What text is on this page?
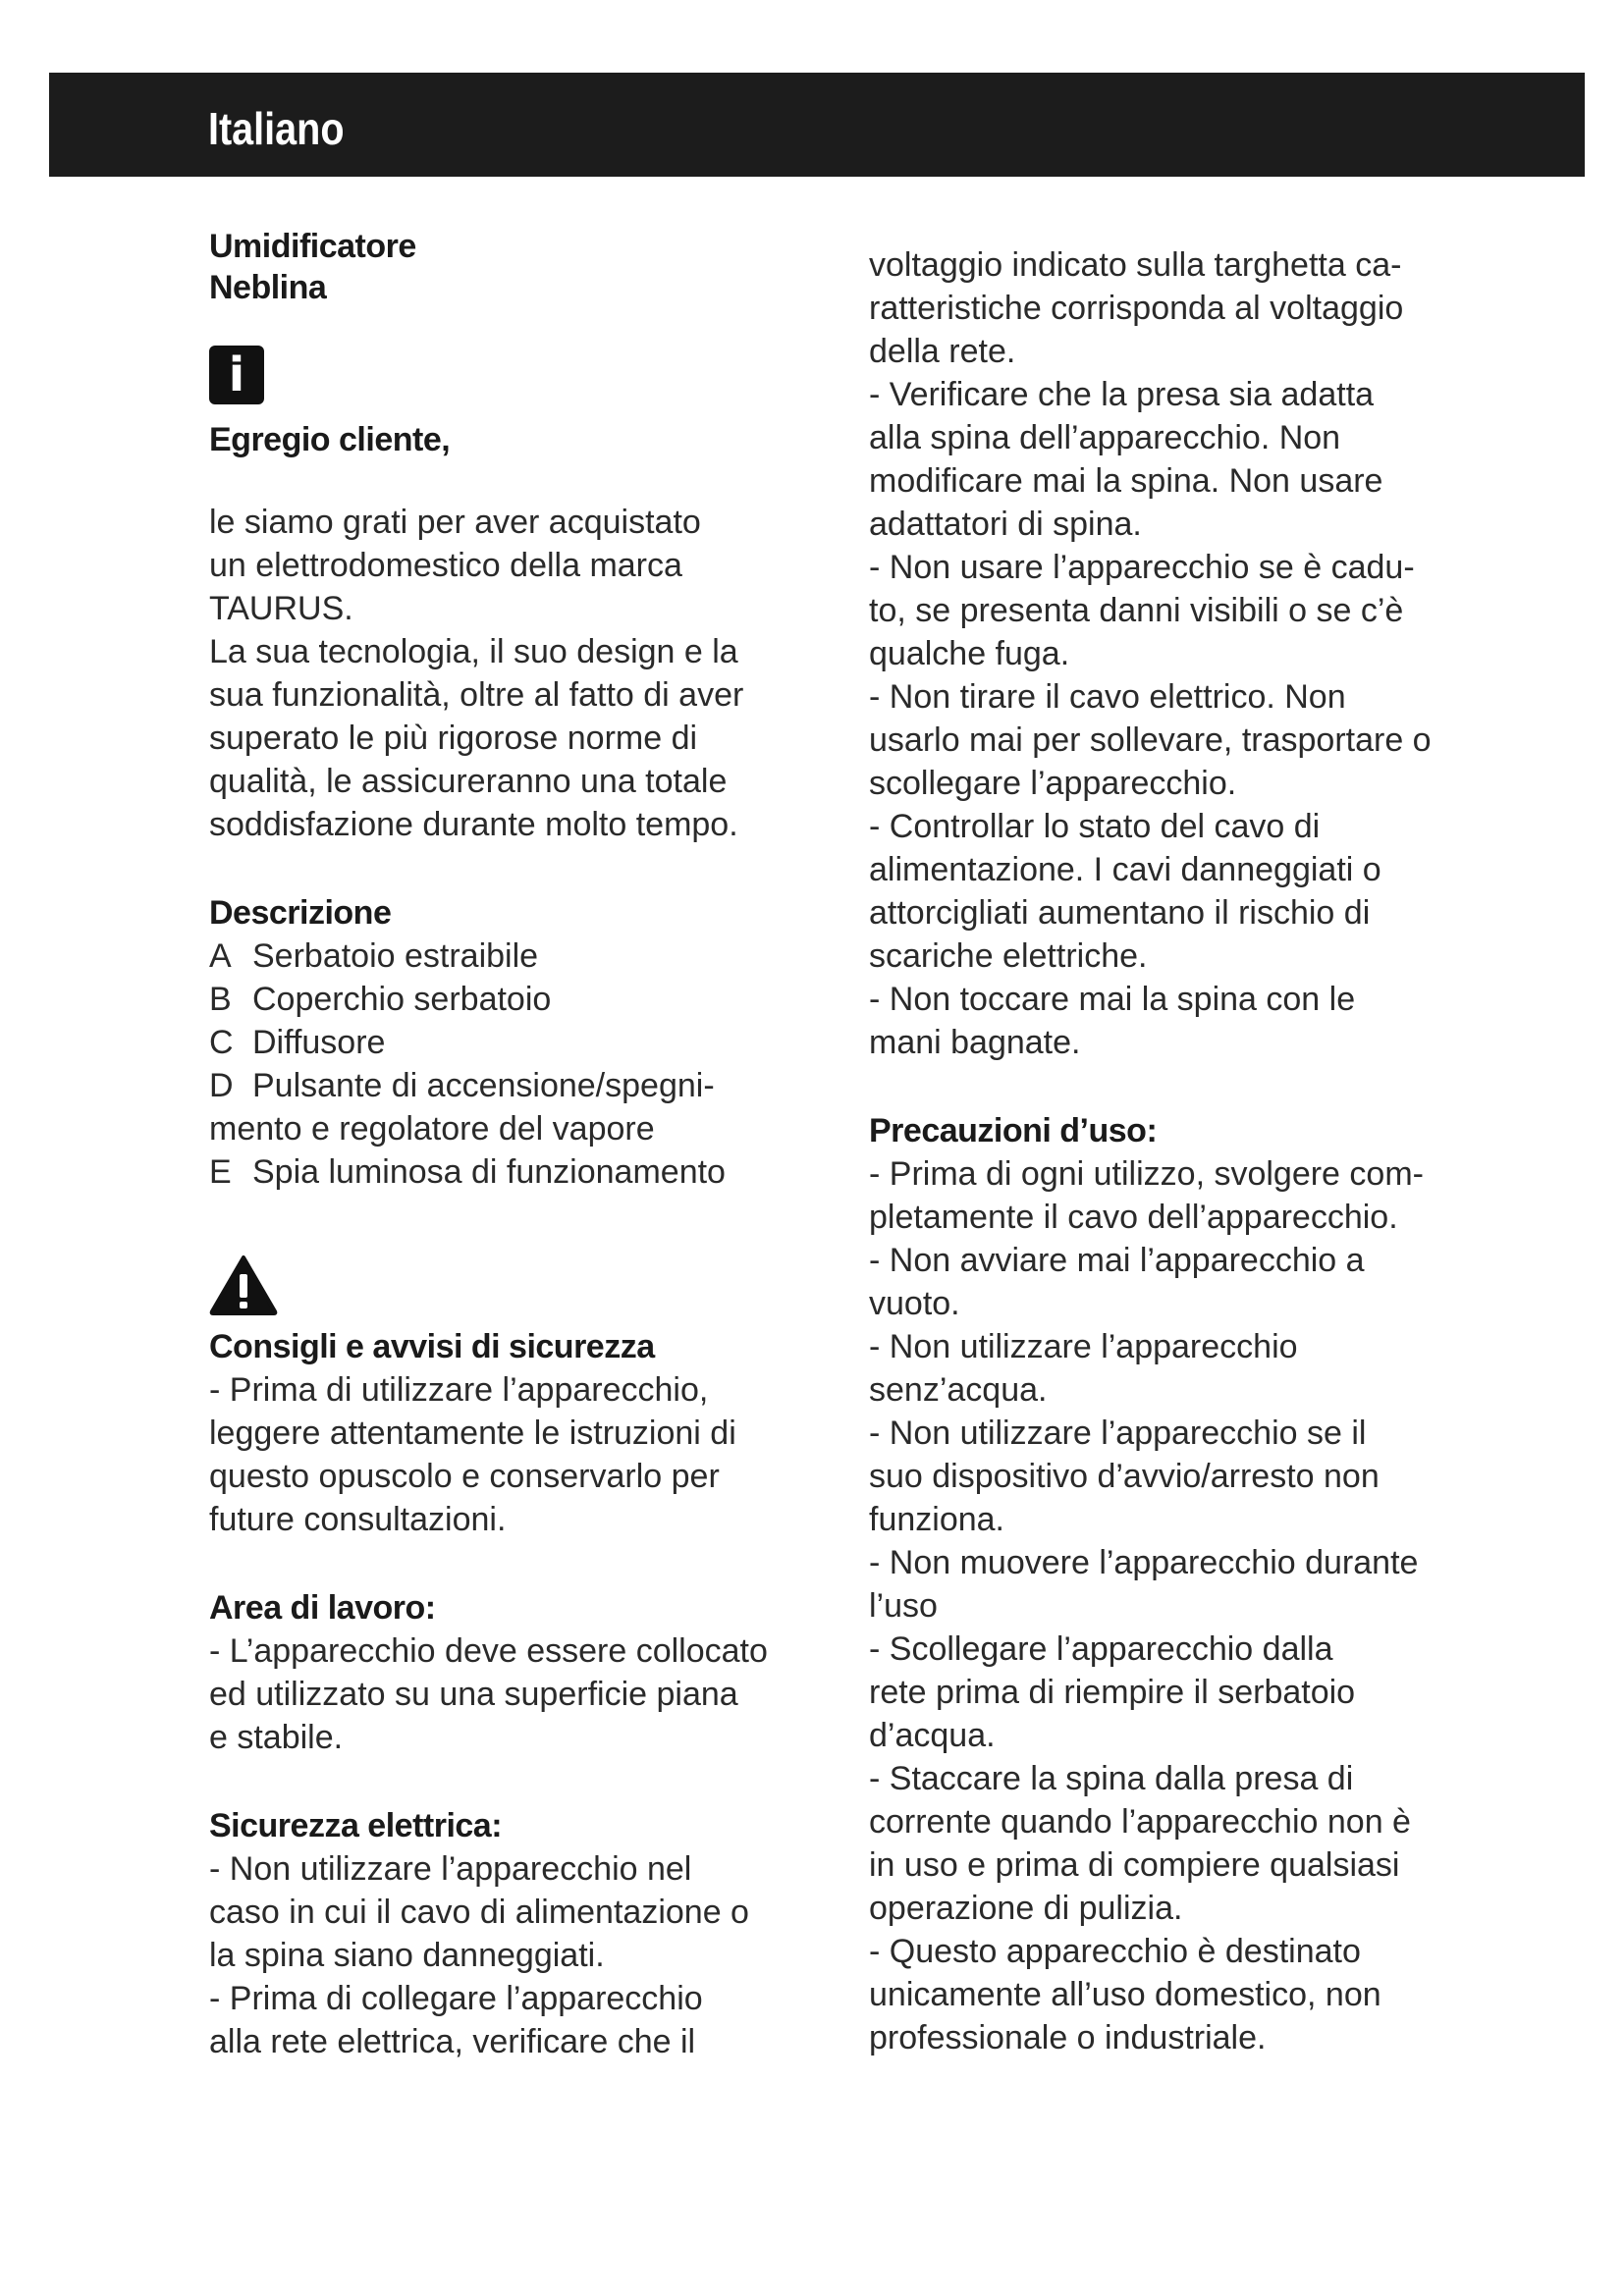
Italiano
Umidificatore
Neblina
i
Egregio cliente,
le siamo grati per aver acquistato
un elettrodomestico della marca
TAURUS.
La sua tecnologia, il suo design e la
sua funzionalità, oltre al fatto di aver
superato le più rigorose norme di
qualità, le assicureranno una totale
soddisfazione durante molto tempo.
Descrizione
A Serbatoio estraibile
B Coperchio serbatoio
C Diffusore
D Pulsante di accensione/spegni-
mento e regolatore del vapore
E Spia luminosa di funzionamento
Consigli e avvisi di sicurezza
- Prima di utilizzare l’apparecchio,
leggere attentamente le istruzioni di
questo opuscolo e conservarlo per
future consultazioni.
Area di lavoro:
- L’apparecchio deve essere collocato
ed utilizzato su una superficie piana
e stabile.
Sicurezza elettrica:
- Non utilizzare l’apparecchio nel
caso in cui il cavo di alimentazione o
la spina siano danneggiati.
- Prima di collegare l’apparecchio
alla rete elettrica, verificare che il
voltaggio indicato sulla targhetta ca-
ratteristiche corrisponda al voltaggio
della rete.
- Verificare che la presa sia adatta
alla spina dell’apparecchio. Non
modificare mai la spina. Non usare
adattatori di spina.
- Non usare l’apparecchio se è cadu-
to, se presenta danni visibili o se c’è
qualche fuga.
- Non tirare il cavo elettrico. Non
usarlo mai per sollevare, trasportare o
scollegare l’apparecchio.
- Controllar lo stato del cavo di
alimentazione. I cavi danneggiati o
attorcigliati aumentano il rischio di
scariche elettriche.
- Non toccare mai la spina con le
mani bagnate.
Precauzioni d’uso:
- Prima di ogni utilizzo, svolgere com-
pletamente il cavo dell’apparecchio.
- Non avviare mai l’apparecchio a
vuoto.
- Non utilizzare l’apparecchio
senz’acqua.
- Non utilizzare l’apparecchio se il
suo dispositivo d’avvio/arresto non
funziona.
- Non muovere l’apparecchio durante
l’uso
- Scollegare l’apparecchio dalla
rete prima di riempire il serbatoio
d’acqua.
- Staccare la spina dalla presa di
corrente quando l’apparecchio non è
in uso e prima di compiere qualsiasi
operazione di pulizia.
- Questo apparecchio è destinato
unicamente all’uso domestico, non
professionale o industriale.
